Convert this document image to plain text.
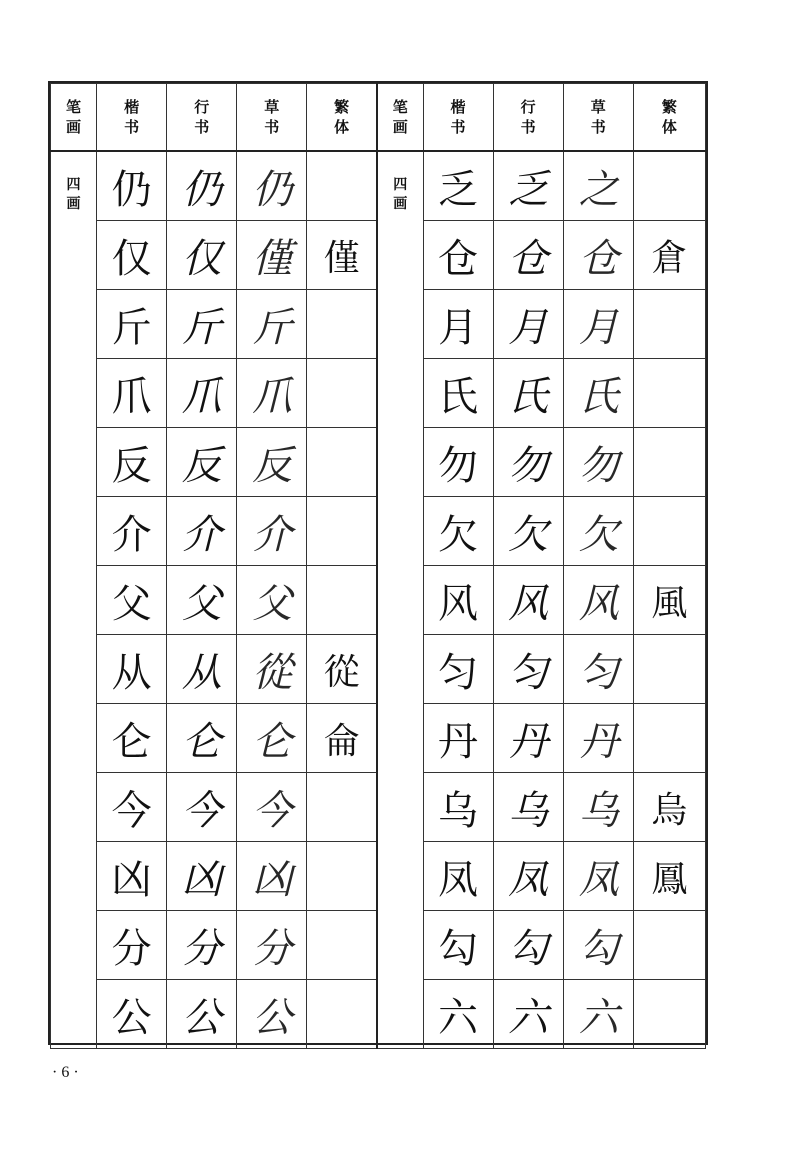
笔画	楷书	行书	草书	繁体	笔画	楷书	行书	草书	繁体
四画	仍	仍	仍		四画	乏	乏	之	
	仅	仅	僅	僅		仓	仓	仓	倉
	斤	斤	斤			月	月	月	
	爪	爪	爪			氏	氏	氏	
	反	反	反			勿	勿	勿	
	介	介	介			欠	欠	欠	
	父	父	父			风	风	风	風
	从	从	從	從		匀	匀	匀	
	仑	仑	仑	侖		丹	丹	丹	
	今	今	今			乌	乌	乌	烏
	凶	凶	凶			凤	凤	凤	鳳
	分	分	分			勾	勾	勾	
	公	公	公			六	六	六	
· 6 ·
